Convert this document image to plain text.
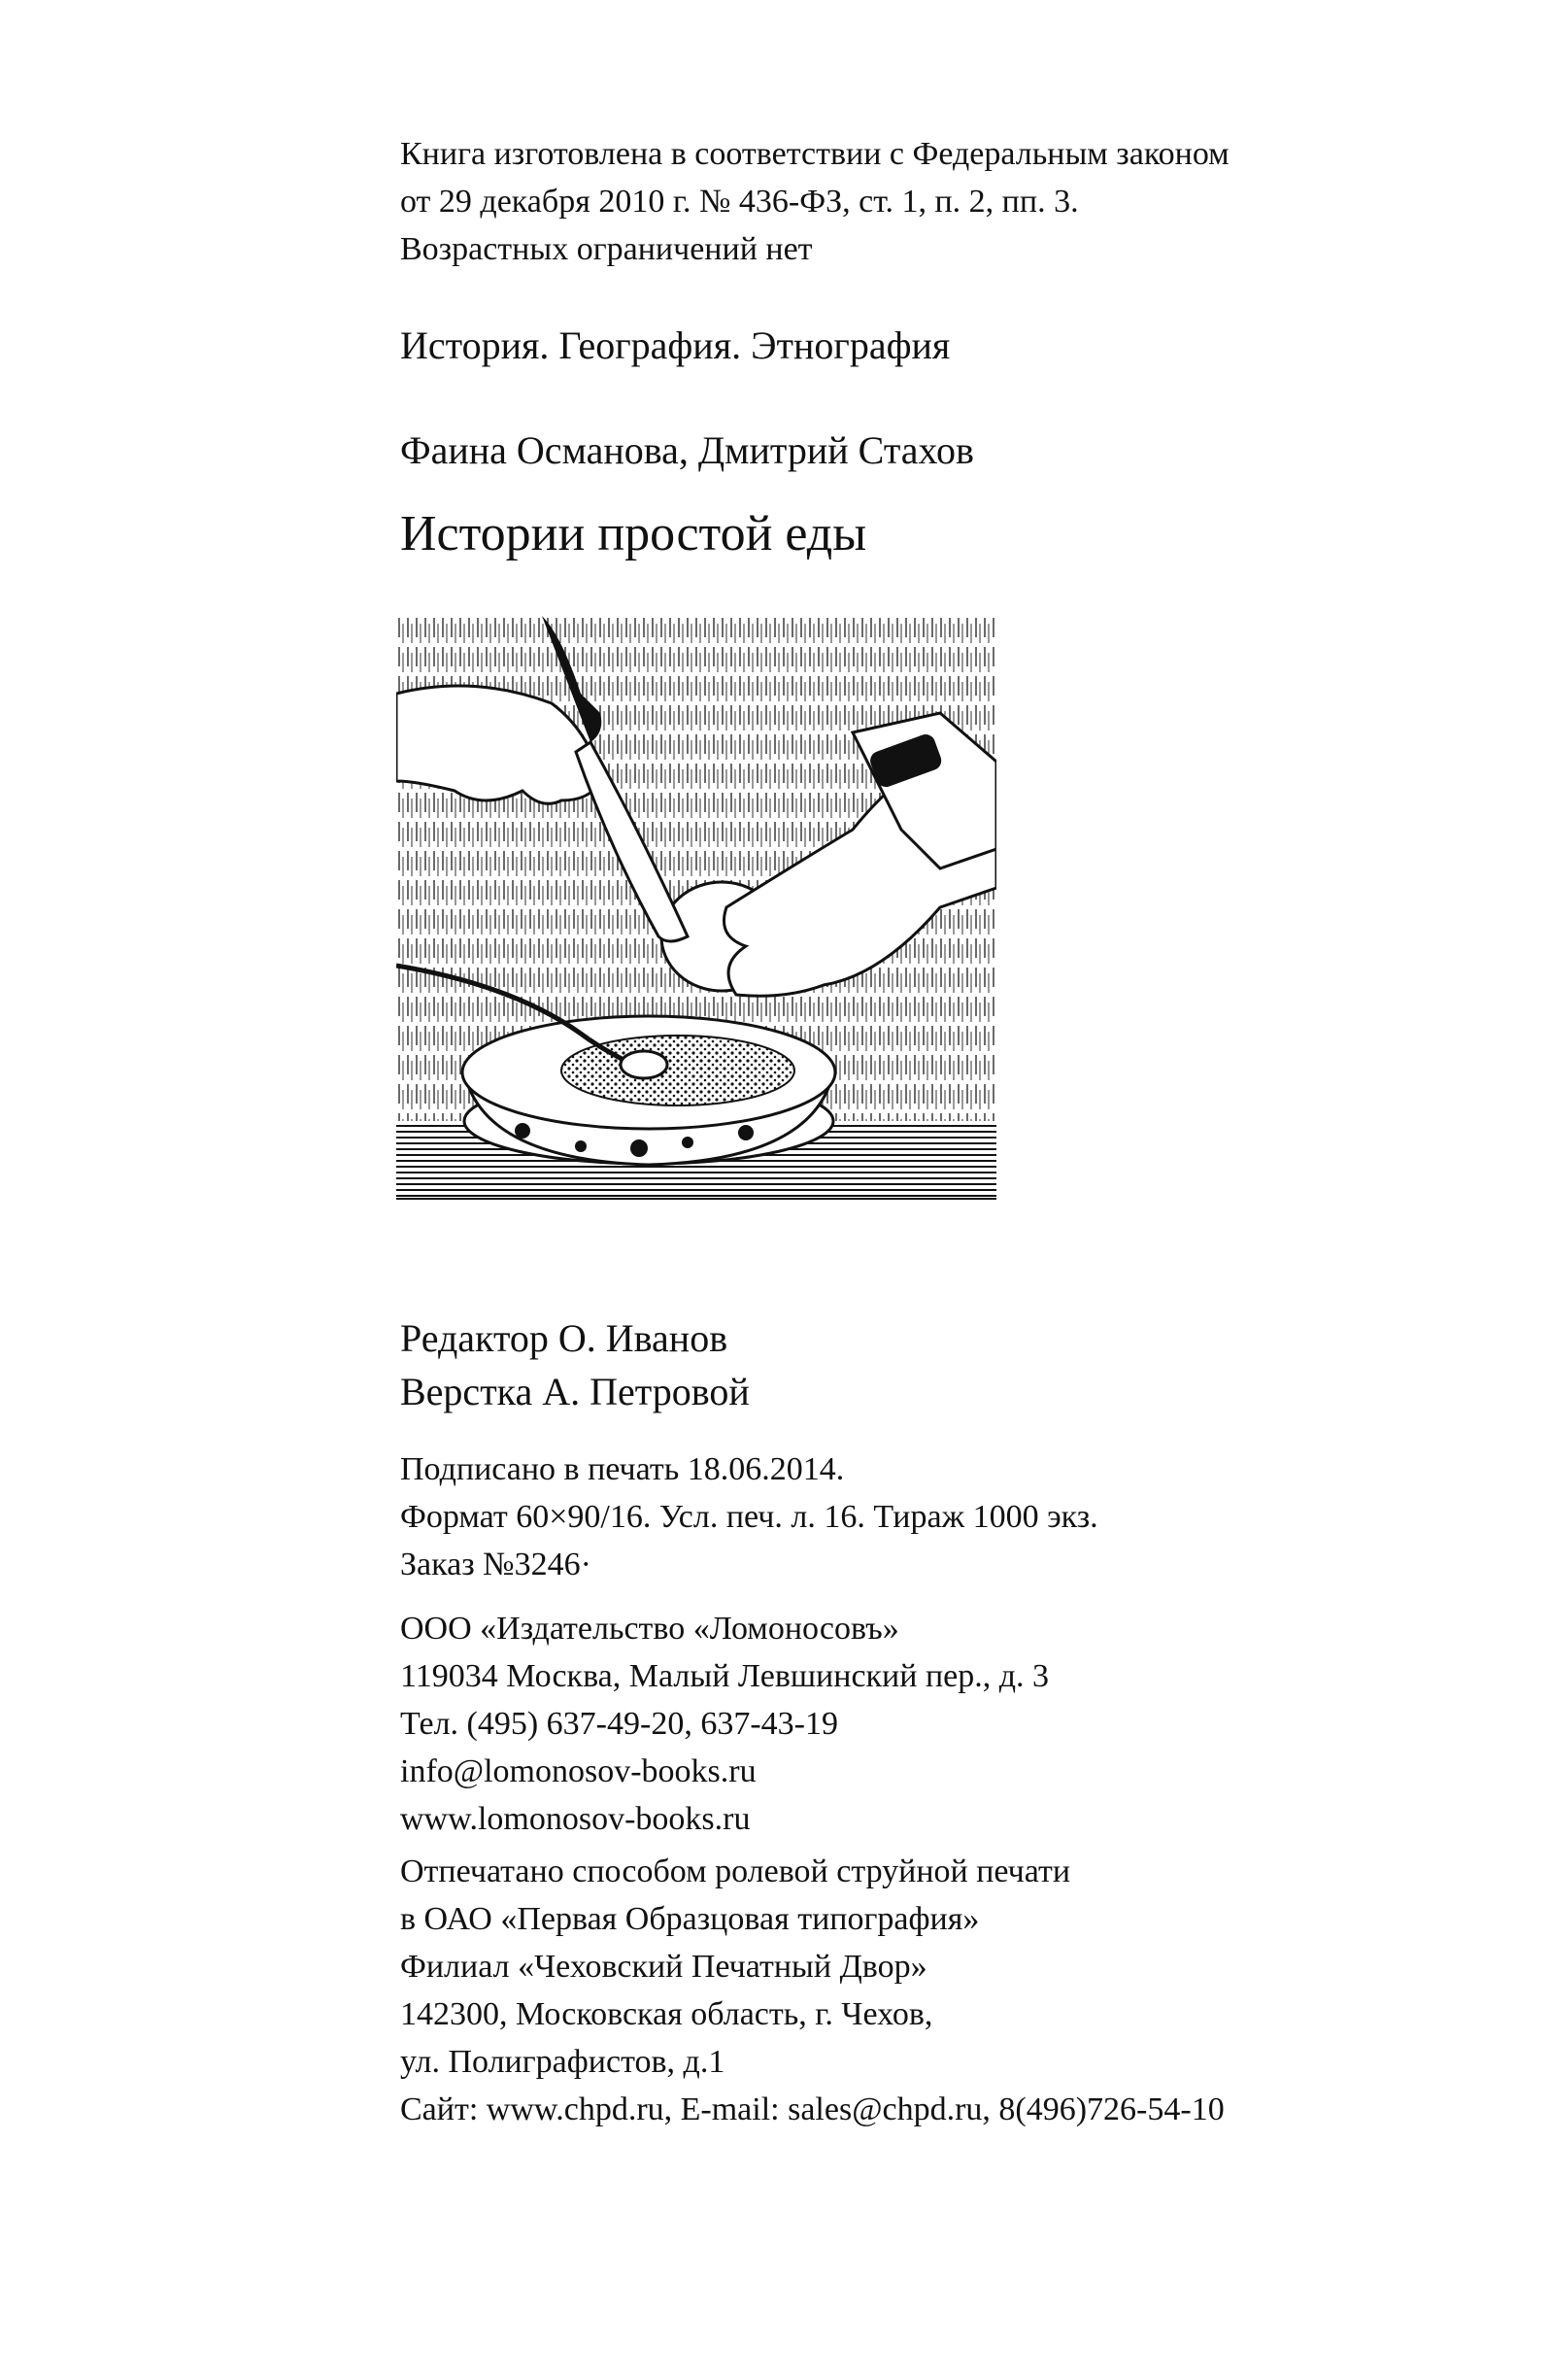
Книга изготовлена в соответствии с Федеральным законом
от 29 декабря 2010 г. № 436-ФЗ, ст. 1, п. 2, пп. 3.
Возрастных ограничений нет
История. География. Этнография
Фаина Османова, Дмитрий Стахов
Истории простой еды
Редактор О. Иванов
Верстка А. Петровой
Подписано в печать 18.06.2014.
Формат 60×90/16. Усл. печ. л. 16. Тираж 1000 экз.
Заказ №3246·
ООО «Издательство «Ломоносовъ»
119034 Москва, Малый Левшинский пер., д. 3
Тел. (495) 637-49-20, 637-43-19
info@lomonosov-books.ru
www.lomonosov-books.ru
Отпечатано способом ролевой струйной печати
в ОАО «Первая Образцовая типография»
Филиал «Чеховский Печатный Двор»
142300, Московская область, г. Чехов,
ул. Полиграфистов, д.1
Сайт: www.chpd.ru, E-mail: sales@chpd.ru, 8(496)726-54-10
